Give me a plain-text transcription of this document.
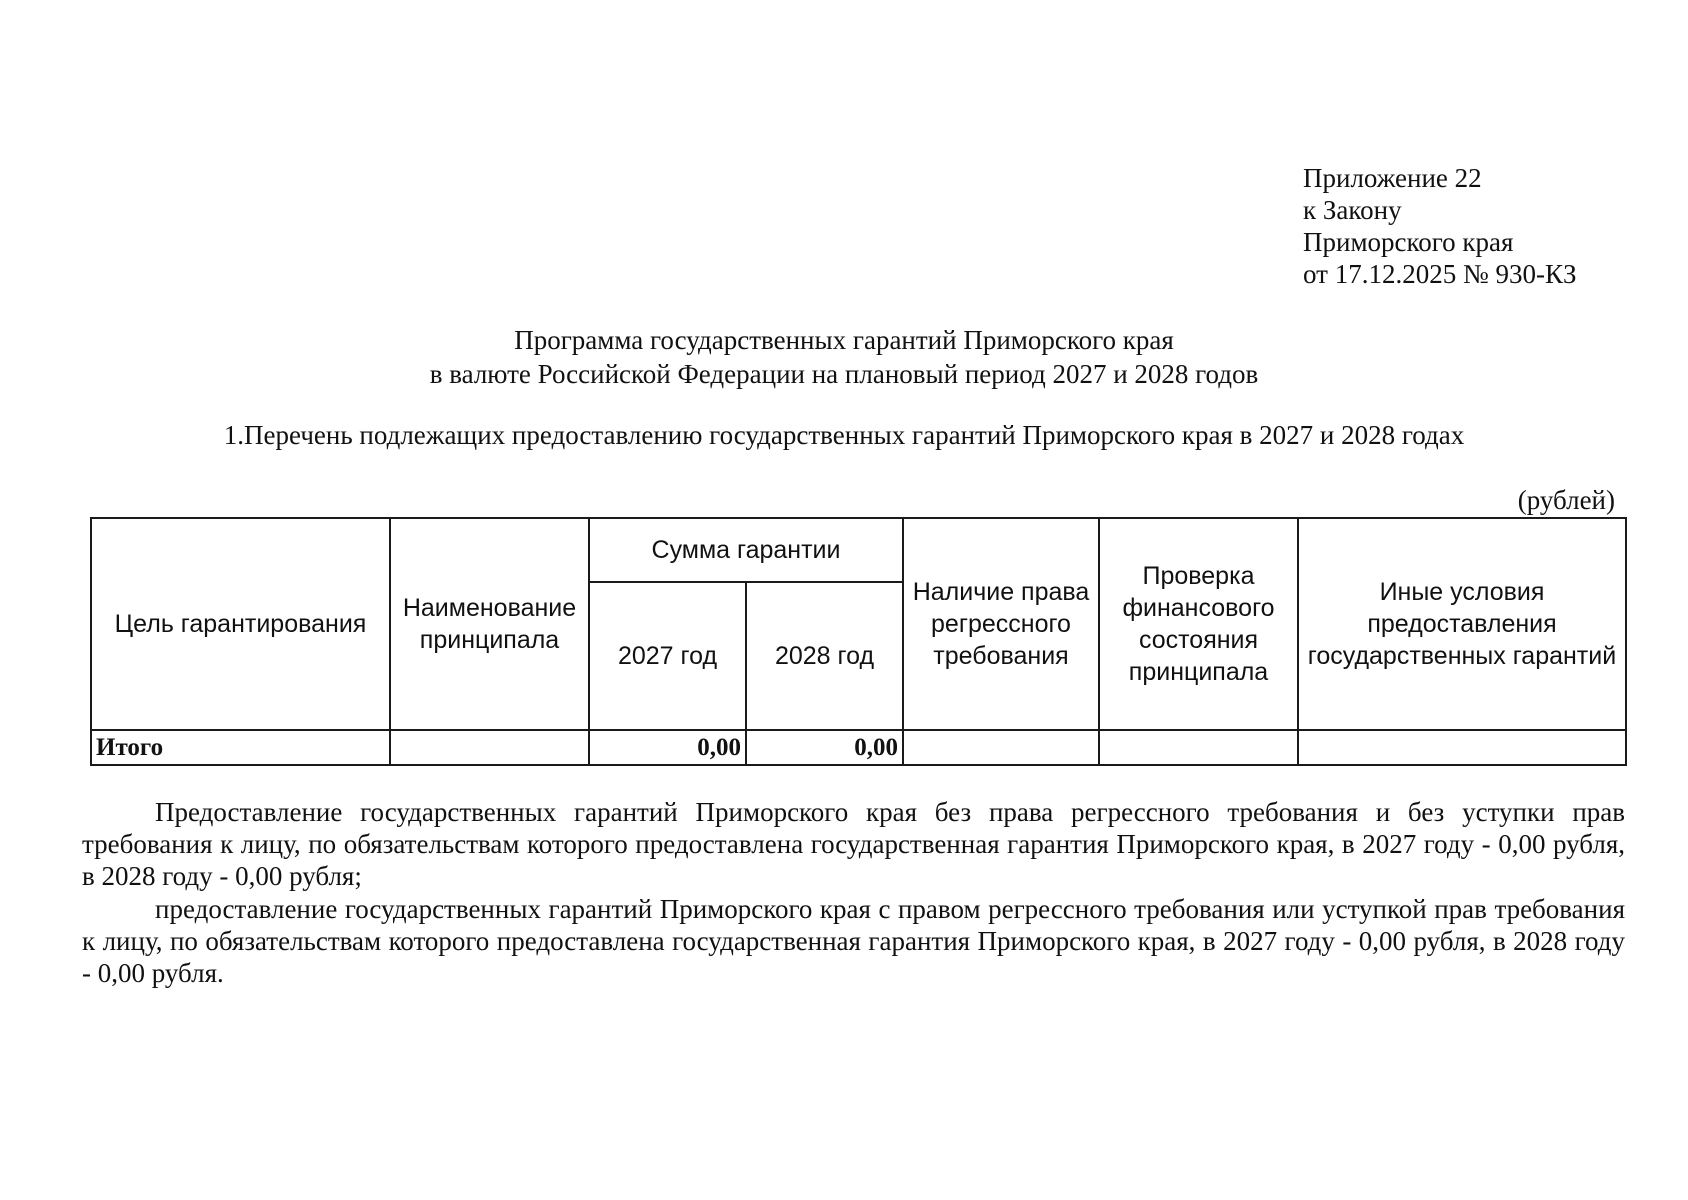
Приложение 22
к Закону
Приморского края
от 17.12.2025 № 930-КЗ
Программа государственных гарантий Приморского края
в валюте Российской Федерации на плановый период 2027 и 2028 годов
1.Перечень подлежащих предоставлению государственных гарантий Приморского края в 2027 и 2028 годах
(рублей)
Цель гарантирования	Наименование принципала	Сумма гарантии		Наличие права регрессного требования	Проверка финансового состояния принципала	Иные условия предоставления государственных гарантий
		2027 год	2028 год			
Итого		0,00	0,00			

Предоставление государственных гарантий Приморского края без права регрессного требования и без уступки прав требования к лицу, по обязательствам которого предоставлена государственная гарантия Приморского края, в 2027 году - 0,00 рубля, в 2028 году - 0,00 рубля;

предоставление государственных гарантий Приморского края с правом регрессного требования или уступкой прав требования к лицу, по обязательствам которого предоставлена государственная гарантия Приморского края, в 2027 году - 0,00 рубля, в 2028 году - 0,00 рубля.
